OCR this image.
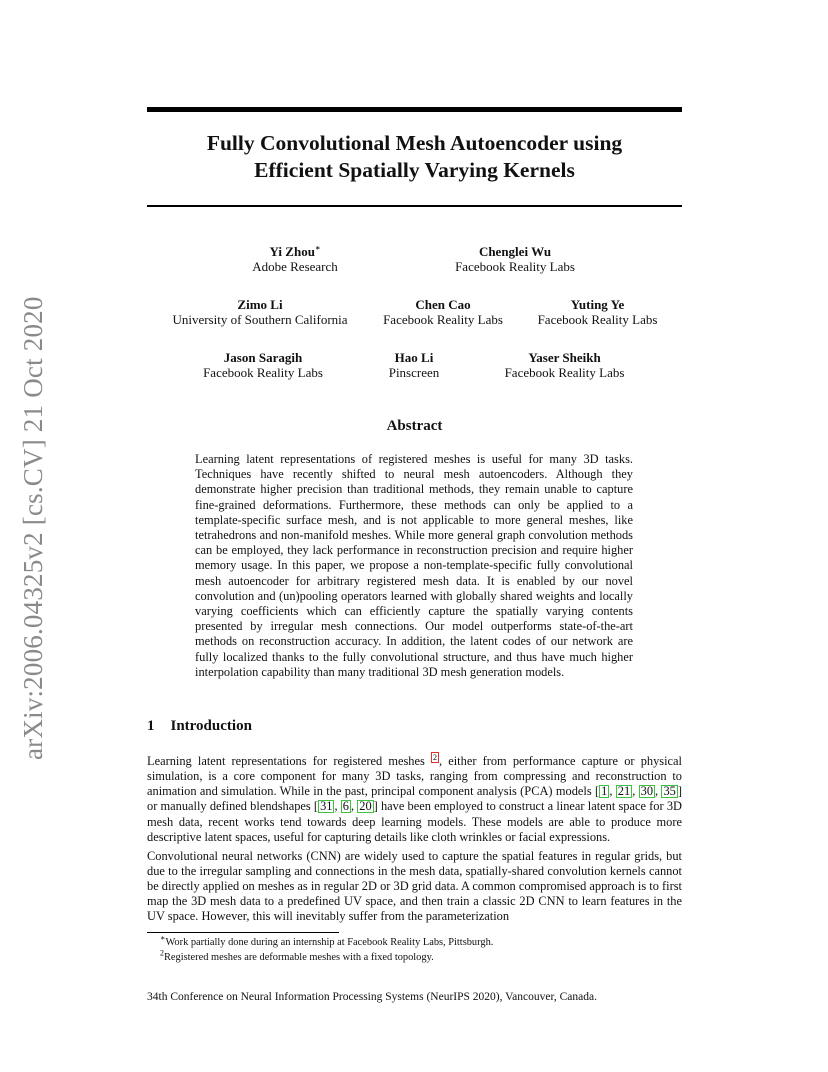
arXiv:2006.04325v2 [cs.CV] 21 Oct 2020
Fully Convolutional Mesh Autoencoder using
Efficient Spatially Varying Kernels
Yi Zhou∗
Adobe Research
Chenglei Wu
Facebook Reality Labs
Zimo Li
University of Southern California
Chen Cao
Facebook Reality Labs
Yuting Ye
Facebook Reality Labs
Jason Saragih
Facebook Reality Labs
Hao Li
Pinscreen
Yaser Sheikh
Facebook Reality Labs
Abstract
Learning latent representations of registered meshes is useful for many 3D tasks. Techniques have recently shifted to neural mesh autoencoders. Although they demonstrate higher precision than traditional methods, they remain unable to capture fine-grained deformations. Furthermore, these methods can only be applied to a template-specific surface mesh, and is not applicable to more general meshes, like tetrahedrons and non-manifold meshes. While more general graph convolution methods can be employed, they lack performance in reconstruction precision and require higher memory usage. In this paper, we propose a non-template-specific fully convolutional mesh autoencoder for arbitrary registered mesh data. It is enabled by our novel convolution and (un)pooling operators learned with globally shared weights and locally varying coefficients which can efficiently capture the spatially varying contents presented by irregular mesh connections. Our model outperforms state-of-the-art methods on reconstruction accuracy. In addition, the latent codes of our network are fully localized thanks to the fully convolutional structure, and thus have much higher interpolation capability than many traditional 3D mesh generation models.
1 Introduction
Learning latent representations for registered meshes $^2$ , either from performance capture or physical simulation, is a core component for many 3D tasks, ranging from compressing and reconstruction to animation and simulation. While in the past, principal component analysis (PCA) models [ 1 , 21 , 30 , 35 ] or manually defined blendshapes [ 31 , 6 , 20 ] have been employed to construct a linear latent space for 3D mesh data, recent works tend towards deep learning models. These models are able to produce more descriptive latent spaces, useful for capturing details like cloth wrinkles or facial expressions.
Convolutional neural networks (CNN) are widely used to capture the spatial features in regular grids, but due to the irregular sampling and connections in the mesh data, spatially-shared convolution kernels cannot be directly applied on meshes as in regular 2D or 3D grid data. A common compromised approach is to first map the 3D mesh data to a predefined UV space, and then train a classic 2D CNN to learn features in the UV space. However, this will inevitably suffer from the parameterization
∗Work partially done during an internship at Facebook Reality Labs, Pittsburgh.
$^2$Registered meshes are deformable meshes with a fixed topology.
34th Conference on Neural Information Processing Systems (NeurIPS 2020), Vancouver, Canada.
